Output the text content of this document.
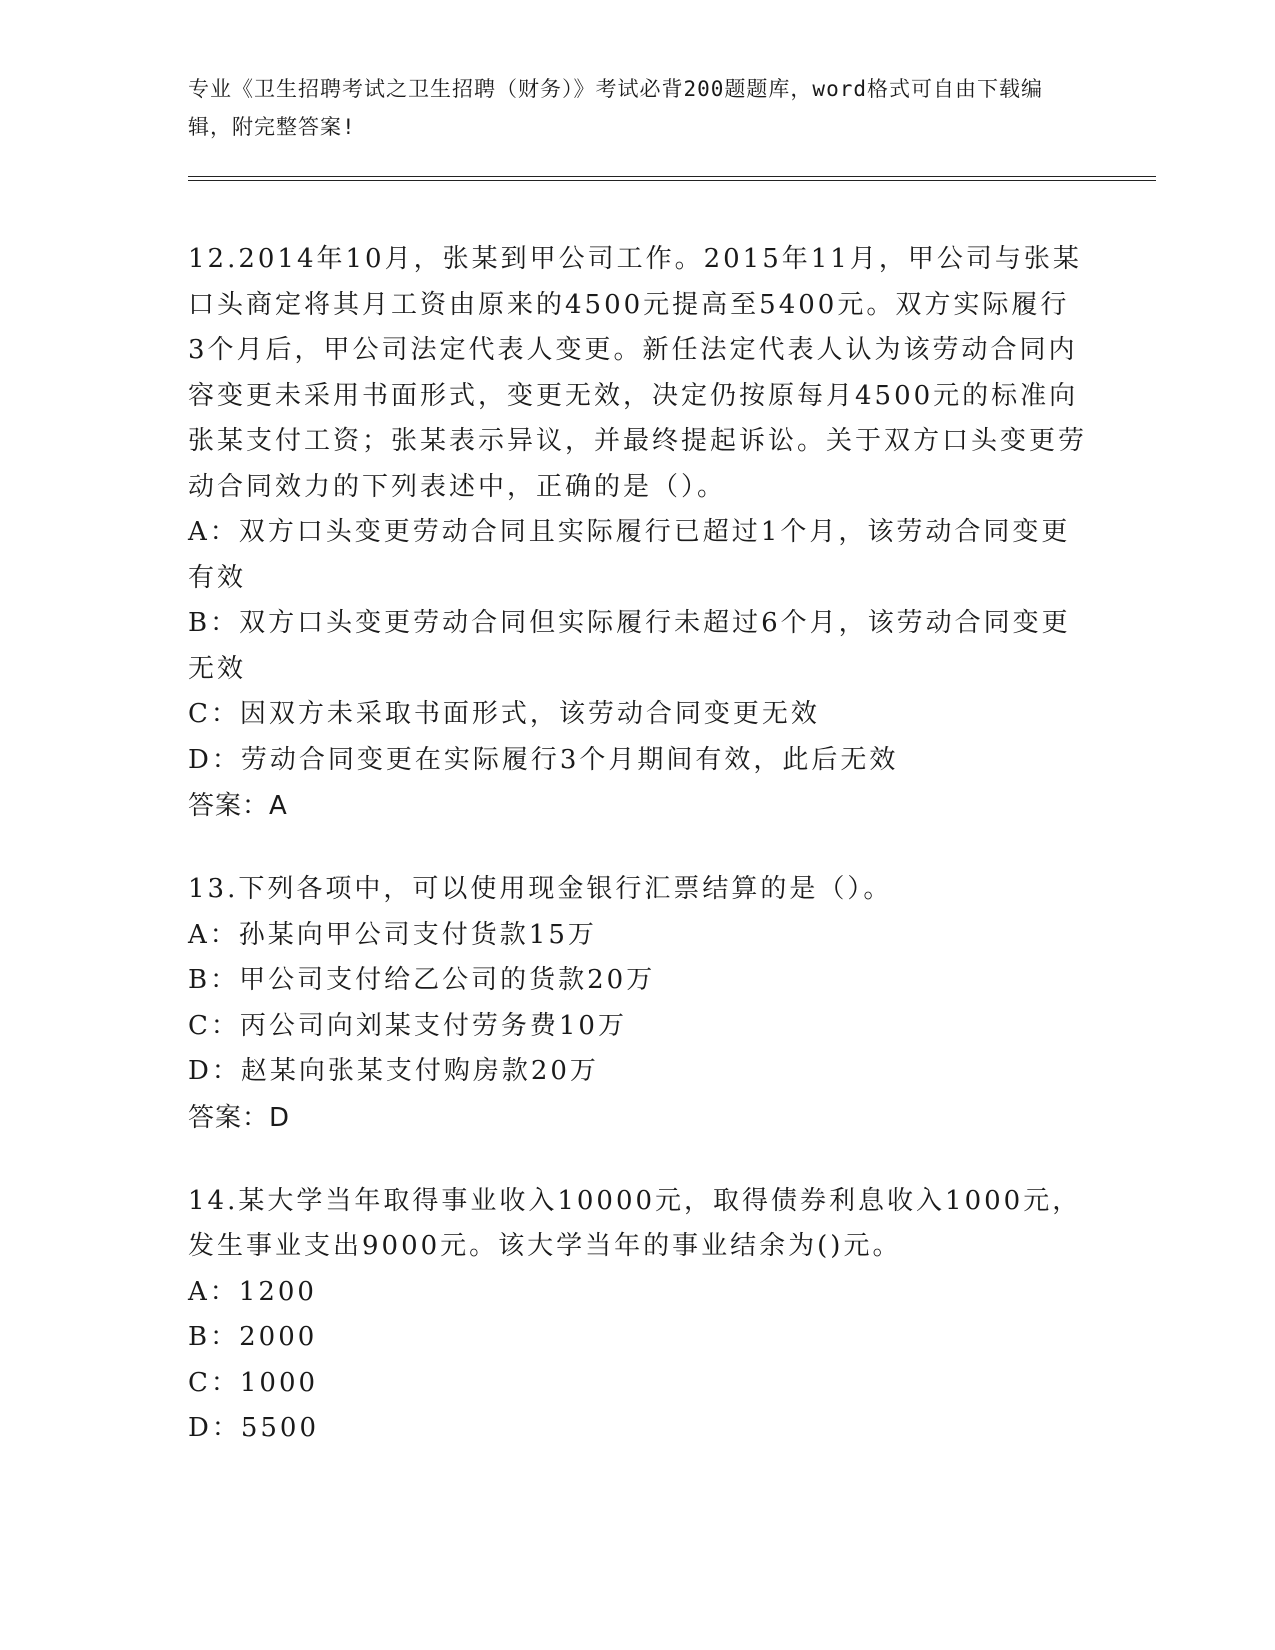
专业《卫生招聘考试之卫生招聘（财务）》考试必背200题题库，word格式可自由下载编辑，附完整答案!
12.2014年10月，张某到甲公司工作。2015年11月，甲公司与张某口头商定将其月工资由原来的4500元提高至5400元。双方实际履行3个月后，甲公司法定代表人变更。新任法定代表人认为该劳动合同内容变更未采用书面形式，变更无效，决定仍按原每月4500元的标准向张某支付工资；张某表示异议，并最终提起诉讼。关于双方口头变更劳动合同效力的下列表述中，正确的是（）。
A：双方口头变更劳动合同且实际履行已超过1个月，该劳动合同变更有效
B：双方口头变更劳动合同但实际履行未超过6个月，该劳动合同变更无效
C：因双方未采取书面形式，该劳动合同变更无效
D：劳动合同变更在实际履行3个月期间有效，此后无效
答案：A
13.下列各项中，可以使用现金银行汇票结算的是（）。
A：孙某向甲公司支付货款15万
B：甲公司支付给乙公司的货款20万
C：丙公司向刘某支付劳务费10万
D：赵某向张某支付购房款20万
答案：D
14.某大学当年取得事业收入10000元，取得债券利息收入1000元，发生事业支出9000元。该大学当年的事业结余为()元。
A：1200
B：2000
C：1000
D：5500
